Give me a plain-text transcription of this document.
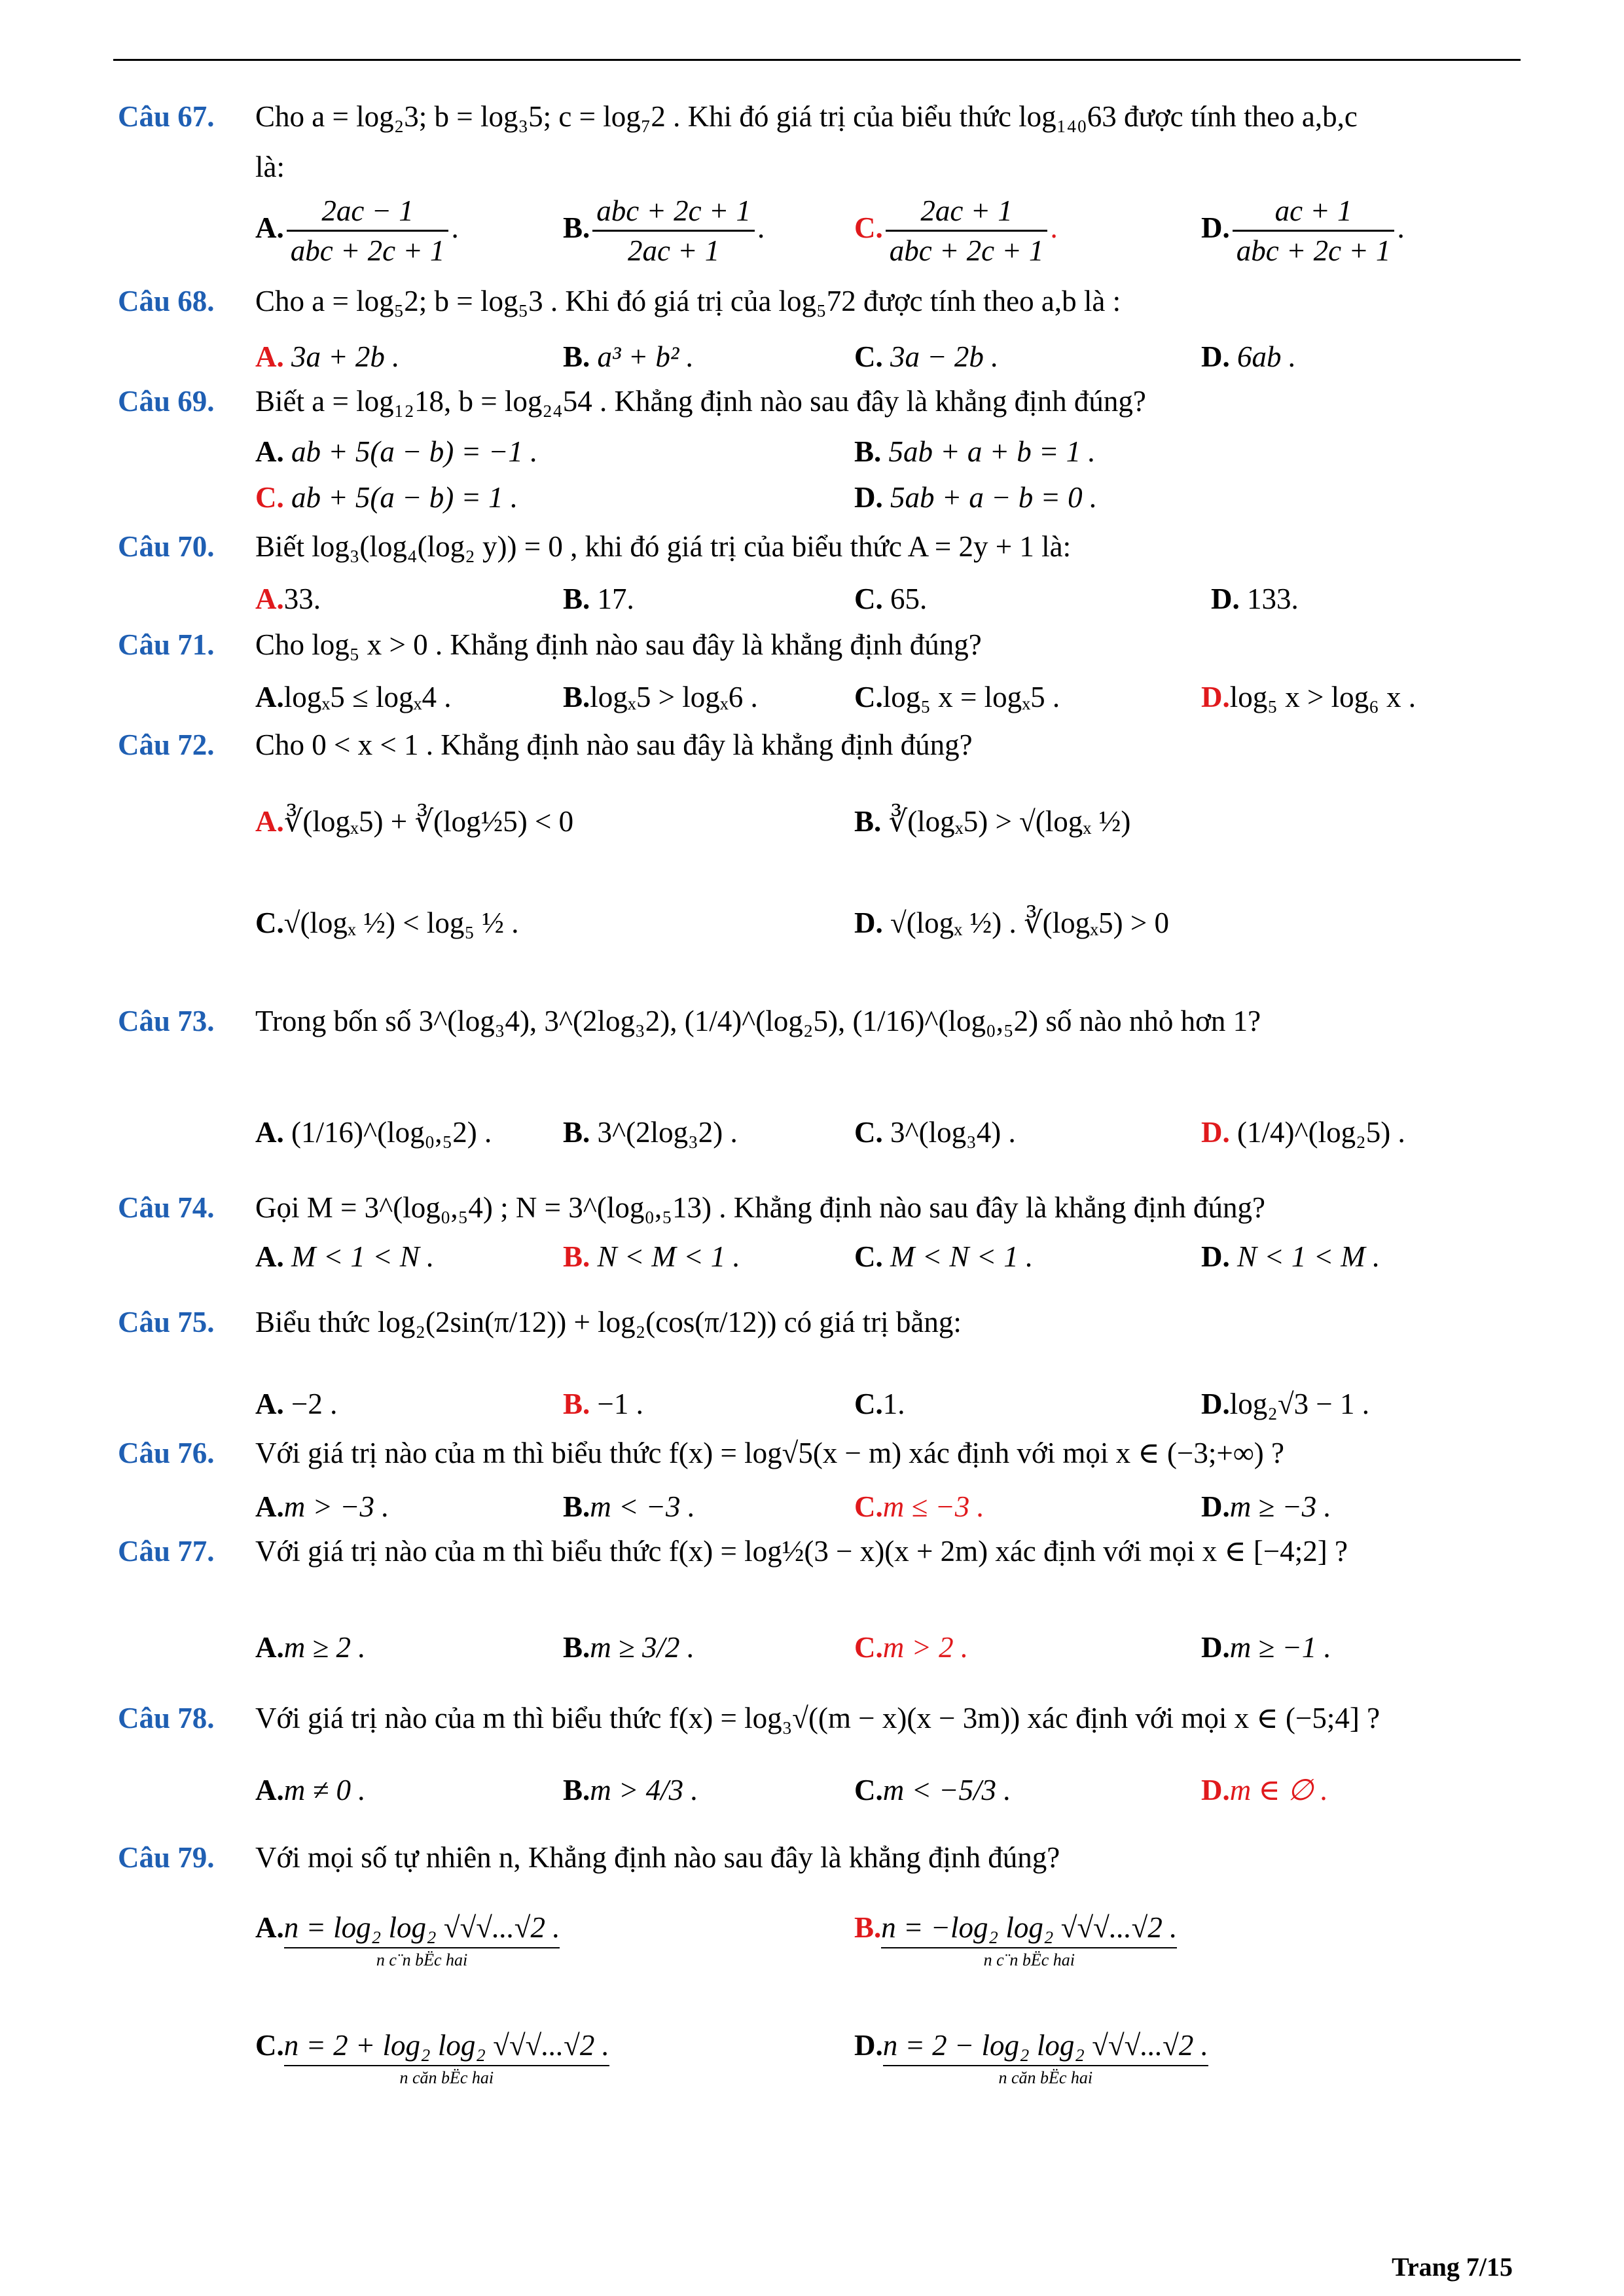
Câu 67. Cho a = log₂3; b = log₃5; c = log₇2 . Khi đó giá trị của biểu thức log₁₄₀63 được tính theo a,b,c
là:
A. $\frac{2ac - 1}{\text{abc + 2c + 1}}$ .	B. $\frac{\text{abc + 2c + 1}}{2ac + 1}$ .	C. $\frac{2ac + 1}{\text{abc + 2c + 1}}$ .	D. $\frac{ac + 1}{\text{abc + 2c + 1}}$ .
Câu 68. Cho a = log₅2; b = log₅3 . Khi đó giá trị của log₅72 được tính theo a,b là :
A. 3a + 2b .	B. a³ + b² .	C. 3a − 2b .	D. 6ab .
Câu 69. Biết a = log₁₂18, b = log₂₄54 . Khẳng định nào sau đây là khẳng định đúng?
A. ab + 5(a − b) = −1 .	B. 5ab + a + b = 1 .
C. ab + 5(a − b) = 1 .	D. 5ab + a − b = 0 .
Câu 70. Biết log₃(log₄(log₂ y)) = 0 , khi đó giá trị của biểu thức A = 2y + 1 là:
A.33.	B. 17.	C. 65.	D. 133.
Câu 71. Cho log₅ x > 0 . Khẳng định nào sau đây là khẳng định đúng?
A.logₓ5 ≤ logₓ4 .	B.logₓ5 > logₓ6 .	C.log₅ x = logₓ5 .	D.log₅ x > log₆ x .
Câu 72. Cho 0 < x < 1 . Khẳng định nào sau đây là khẳng định đúng?
A.∛(logₓ5) + ∛(log½5) < 0	B. ∛(logₓ5) > √(logₓ ½)
C.√(logₓ ½) < log₅ ½ .	D. √(logₓ ½) . ∛(logₓ5) > 0
Câu 73. Trong bốn số 3^(log₃4), 3^(2log₃2), (1/4)^(log₂5), (1/16)^(log₀,₅2) số nào nhỏ hơn 1?
A. (1/16)^(log₀,₅2) . B. 3^(2log₃2) .	C. 3^(log₃4) .	D. (1/4)^(log₂5) .
Câu 74. Gọi M = 3^(log₀,₅4) ; N = 3^(log₀,₅13) . Khẳng định nào sau đây là khẳng định đúng?
A. M < 1 < N .	B. N < M < 1 .	C. M < N < 1 .	D. N < 1 < M .
Câu 75. Biểu thức log₂(2sin(π/12)) + log₂(cos(π/12)) có giá trị bằng:
A. −2 .	B. −1 .	C.1.	D.log₂√3 − 1 .
Câu 76. Với giá trị nào của m thì biểu thức f(x) = log√5(x − m) xác định với mọi x ∈ (−3;+∞) ?
A.m > −3 .	B.m < −3 .	C.m ≤ −3 .	D.m ≥ −3 .
Câu 77. Với giá trị nào của m thì biểu thức f(x) = log½(3 − x)(x + 2m) xác định với mọi x ∈ [−4;2] ?
A.m ≥ 2 .	B.m ≥ 3/2 .	C.m > 2 .	D.m ≥ −1 .
Câu 78. Với giá trị nào của m thì biểu thức f(x) = log₃√((m − x)(x − 3m)) xác định với mọi x ∈ (−5;4] ?
A.m ≠ 0 .	B.m > 4/3 .	C.m < −5/3 .	D.m ∈ ∅ .
Câu 79. Với mọi số tự nhiên n, Khẳng định nào sau đây là khẳng định đúng?
A.n = log₂ log₂ √√√...√2 .
n c¨n bËc hai
B.n = −log₂ log₂ √√√...√2 .
n c¨n bËc hai
C.n = 2 + log₂ log₂ √√√...√2 .
n căn bËc hai
D.n = 2 − log₂ log₂ √√√...√2 .
n căn bËc hai
Trang 7/15
